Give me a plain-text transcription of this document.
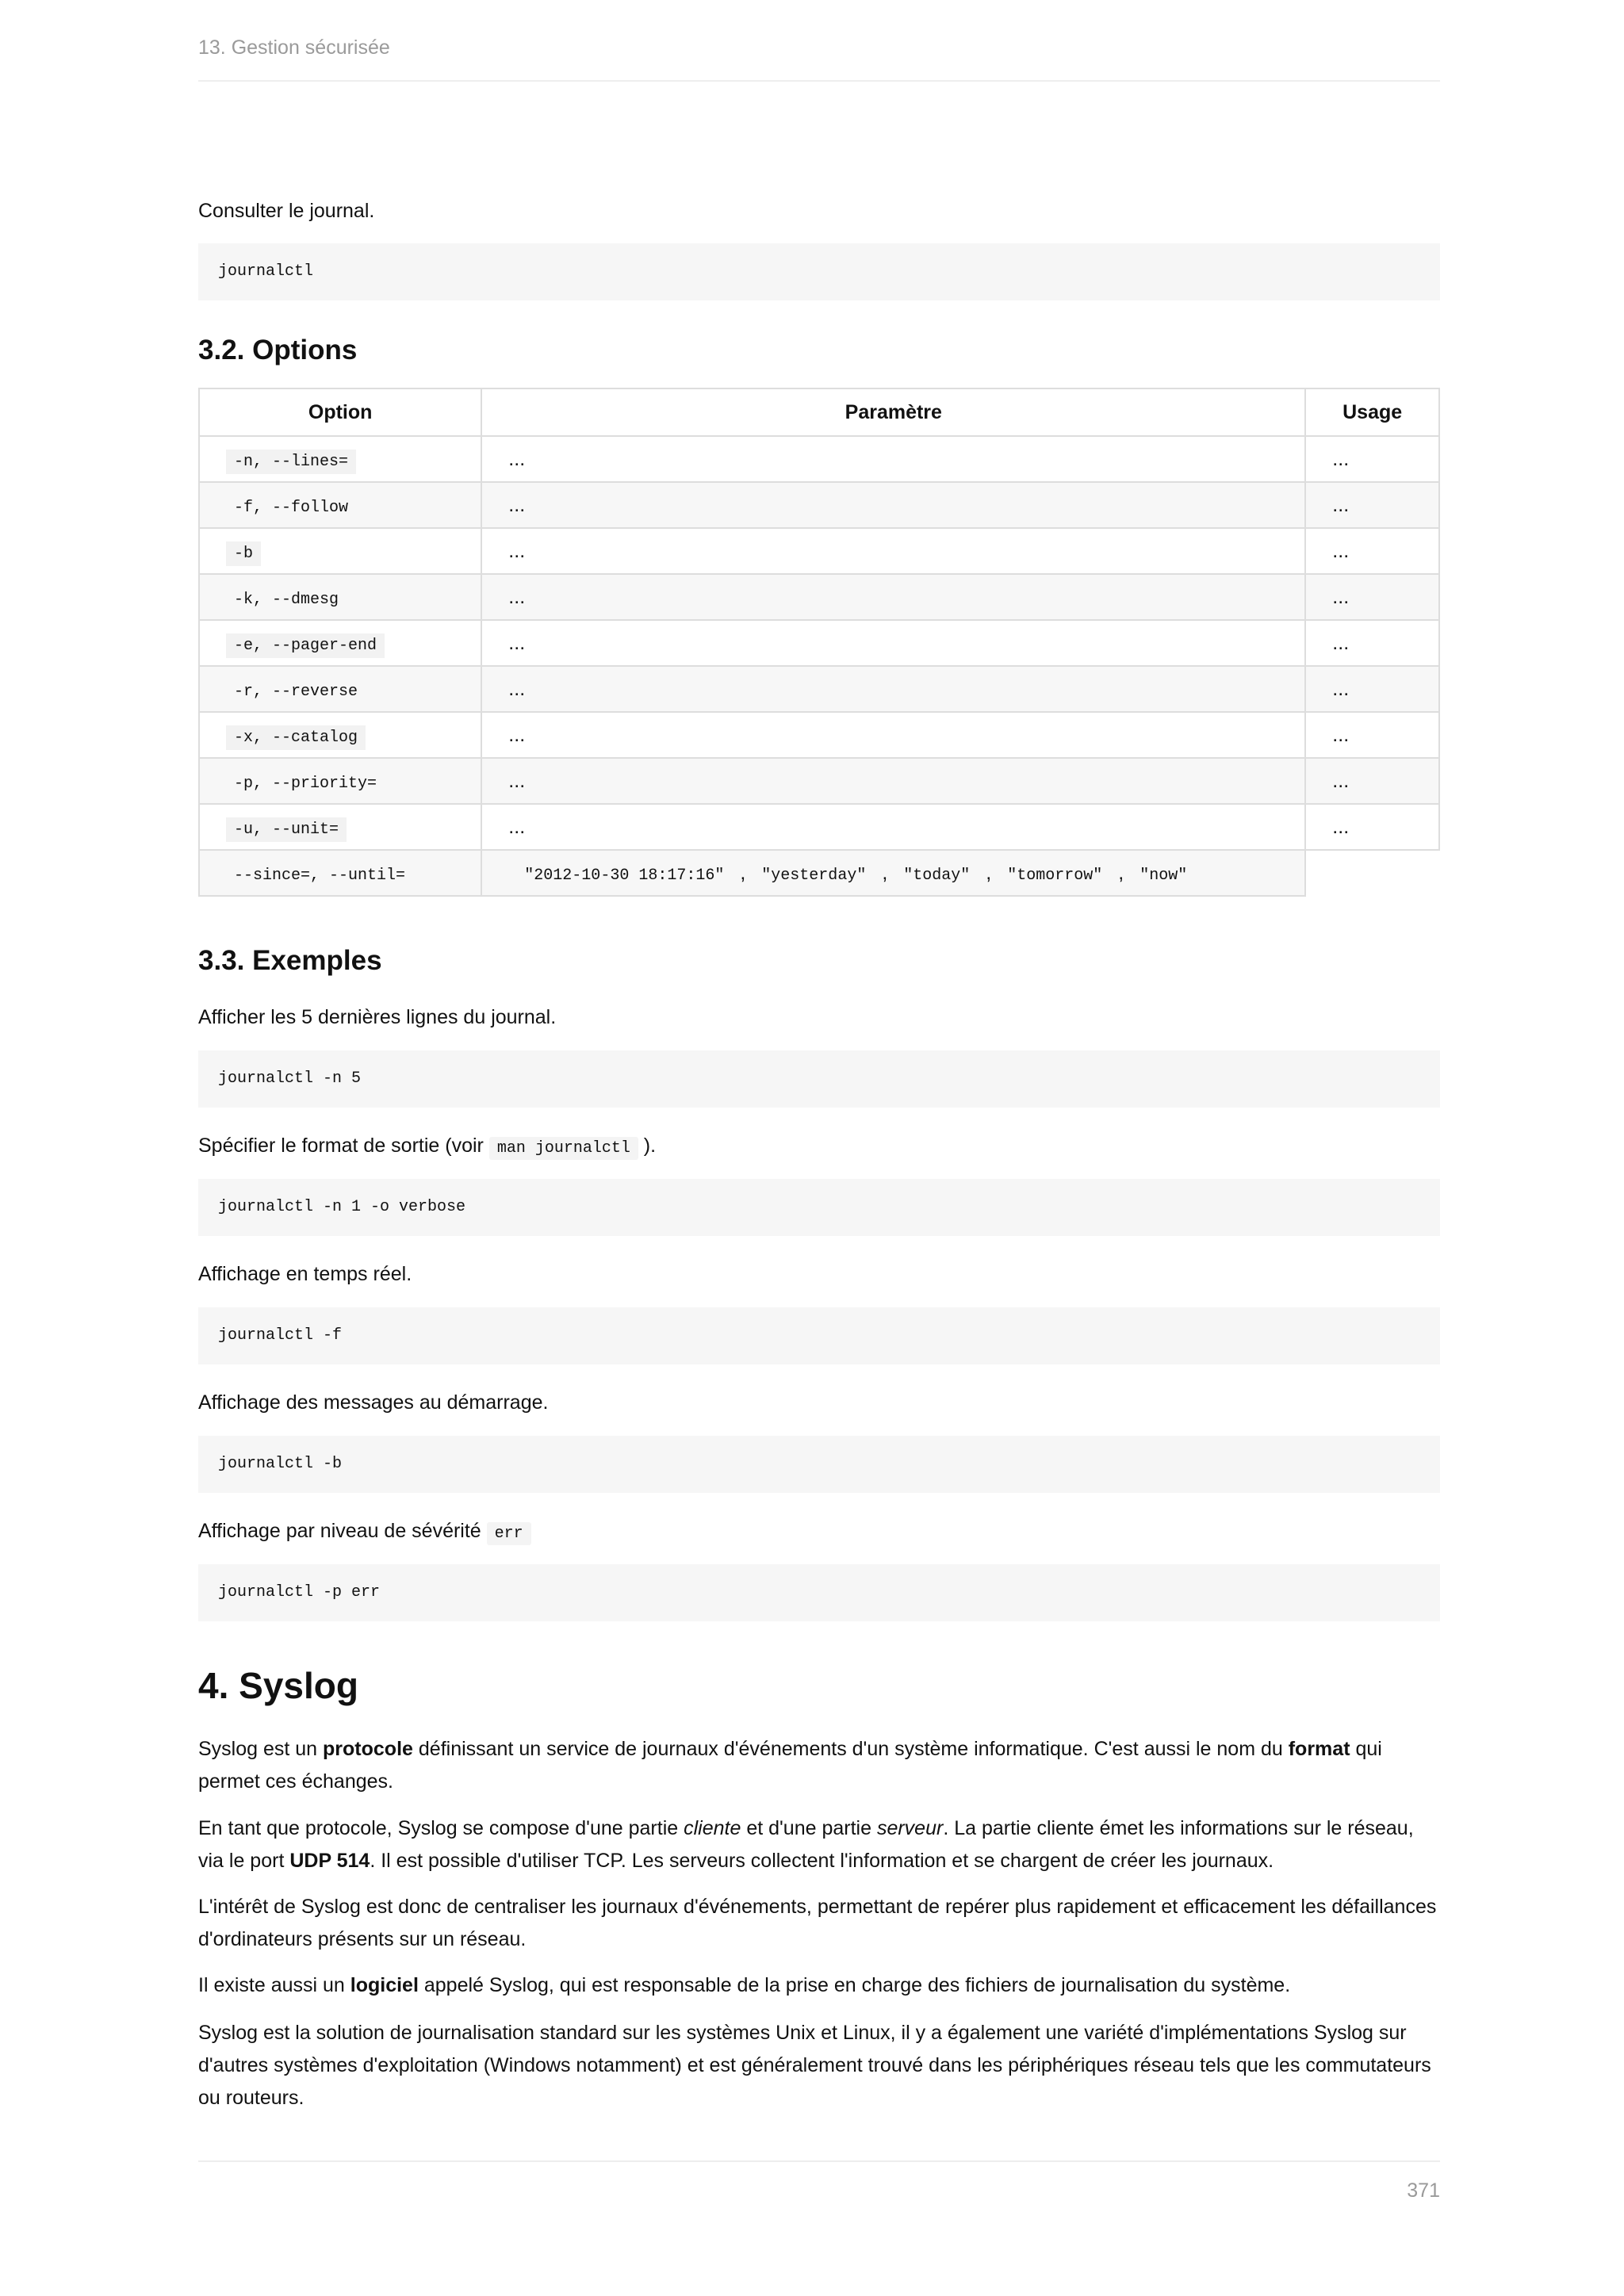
13. Gestion sécurisée

Consulter le journal.

journalctl
3.2. Options
Option	Paramètre	Usage
-n, --lines=	...	...
-f, --follow	...	...
-b	...	...
-k, --dmesg	...	...
-e, --pager-end	...	...
-r, --reverse	...	...
-x, --catalog	...	...
-p, --priority=	...	...
-u, --unit=	...	...
--since=, --until=	"2012-10-30 18:17:16" , "yesterday" , "today" , "tomorrow" , "now"	
3.3. Exemples

Afficher les 5 dernières lignes du journal.

journalctl -n 5

Spécifier le format de sortie (voir man journalctl ).

journalctl -n 1 -o verbose

Affichage en temps réel.

journalctl -f

Affichage des messages au démarrage.

journalctl -b

Affichage par niveau de sévérité err

journalctl -p err
4. Syslog

Syslog est un protocole définissant un service de journaux d'événements d'un système informatique. C'est aussi le nom du format qui permet ces échanges.

En tant que protocole, Syslog se compose d'une partie cliente et d'une partie serveur. La partie cliente émet les informations sur le réseau, via le port UDP 514. Il est possible d'utiliser TCP. Les serveurs collectent l'information et se chargent de créer les journaux.

L'intérêt de Syslog est donc de centraliser les journaux d'événements, permettant de repérer plus rapidement et efficacement les défaillances d'ordinateurs présents sur un réseau.

Il existe aussi un logiciel appelé Syslog, qui est responsable de la prise en charge des fichiers de journalisation du système.

Syslog est la solution de journalisation standard sur les systèmes Unix et Linux, il y a également une variété d'implémentations Syslog sur d'autres systèmes d'exploitation (Windows notamment) et est généralement trouvé dans les périphériques réseau tels que les commutateurs ou routeurs.

371
